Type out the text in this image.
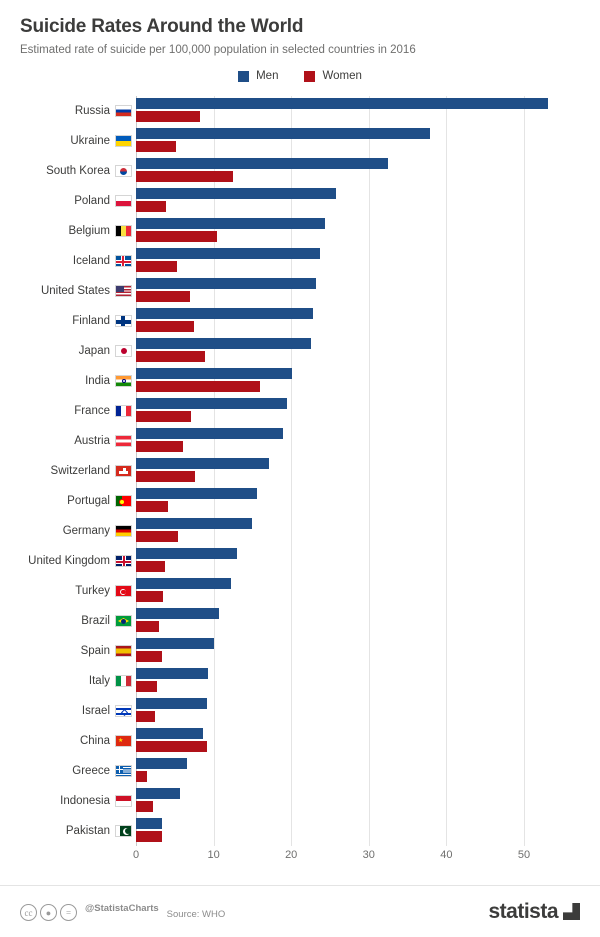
Suicide Rates Around the World

Estimated rate of suicide per 100,000 population in selected countries in 2016

Men	Women
Russia
Ukraine
South Korea
Poland
Belgium
Iceland
United States
Finland
Japan
India
France
Austria
Switzerland
Portugal
Germany
United Kingdom
Turkey
Brazil
Spain
Italy
Israel
China ★
Greece
Indonesia
Pakistan
0	10	20	30	40	50
cc	●	=	@StatistaCharts
Source: WHO	statista
